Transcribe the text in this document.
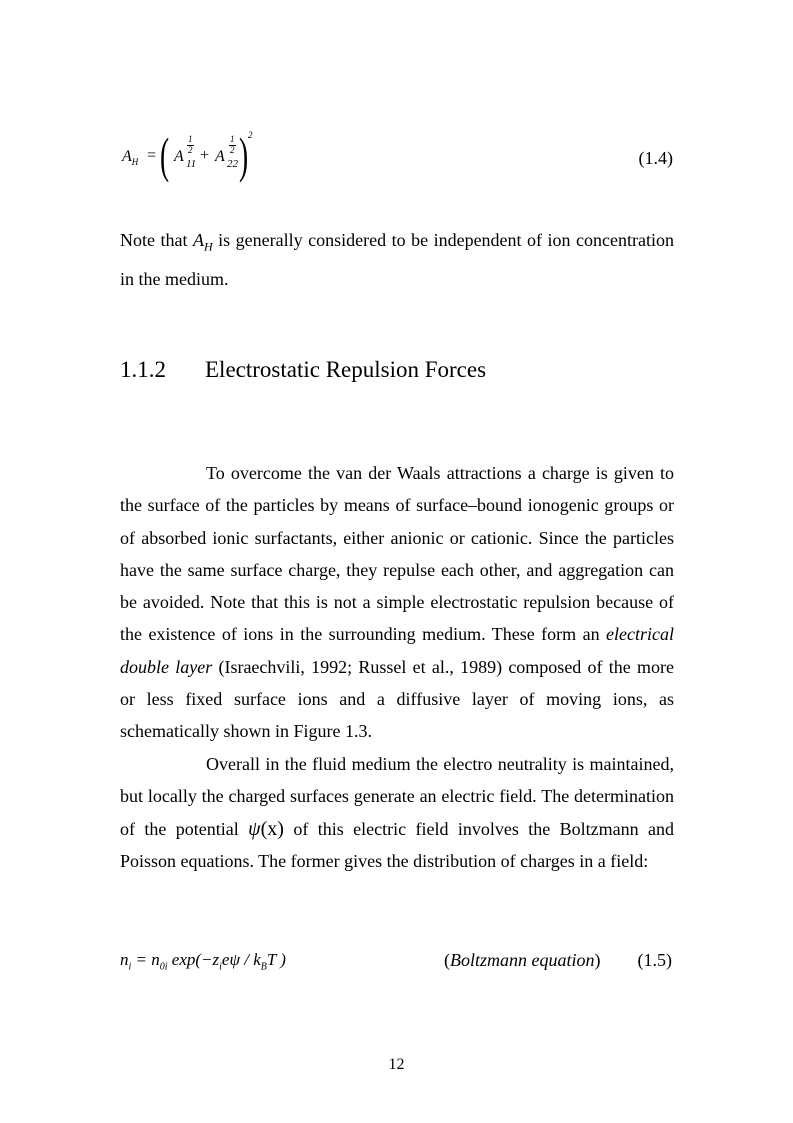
$A_H$ = ( 1
2
A 11 +
1
2
A 22 ) 2
(1.4)
Note that $A_H$ is generally considered to be independent of ion concentration in the medium.
1.1.2 Electrostatic Repulsion Forces
To overcome the van der Waals attractions a charge is given to the surface of the particles by means of surface–bound ionogenic groups or of absorbed ionic surfactants, either anionic or cationic. Since the particles have the same surface charge, they repulse each other, and aggregation can be avoided. Note that this is not a simple electrostatic repulsion because of the existence of ions in the surrounding medium. These form an electrical double layer (Israechvili, 1992; Russel et al., 1989) composed of the more or less fixed surface ions and a diffusive layer of moving ions, as schematically shown in Figure 1.3.
Overall in the fluid medium the electro neutrality is maintained, but locally the charged surfaces generate an electric field. The determination of the potential ψ(x) of this electric field involves the Boltzmann and Poisson equations. The former gives the distribution of charges in a field:
$n_i = n_{0i}$ $\exp(-z_ie\psi / k_BT$ )	(Boltzmann equation) (1.5)
12
